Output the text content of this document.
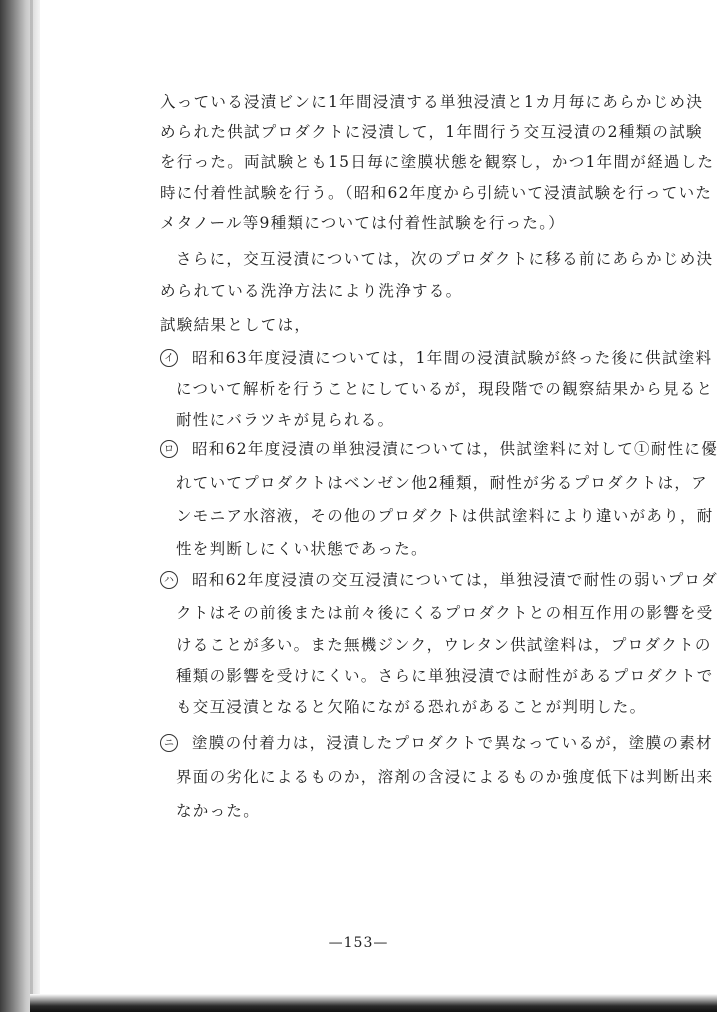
入っている浸漬ビンに1年間浸漬する単独浸漬と1カ月毎にあらかじめ決
められた供試プロダクトに浸漬して，1年間行う交互浸漬の2種類の試験
を行った。両試験とも15日毎に塗膜状態を観察し，かつ1年間が経過した
時に付着性試験を行う。（昭和62年度から引続いて浸漬試験を行っていた
メタノール等9種類については付着性試験を行った。）
さらに，交互浸漬については，次のプロダクトに移る前にあらかじめ決
められている洗浄方法により洗浄する。
試験結果としては，
イ 昭和63年度浸漬については，1年間の浸漬試験が終った後に供試塗料
について解析を行うことにしているが，現段階での観察結果から見ると
耐性にバラツキが見られる。
ロ 昭和62年度浸漬の単独浸漬については，供試塗料に対して①耐性に優
れていてプロダクトはベンゼン他2種類，耐性が劣るプロダクトは，ア
ンモニア水溶液，その他のプロダクトは供試塗料により違いがあり，耐
性を判断しにくい状態であった。
ハ 昭和62年度浸漬の交互浸漬については，単独浸漬で耐性の弱いプロダ
クトはその前後または前々後にくるプロダクトとの相互作用の影響を受
けることが多い。また無機ジンク，ウレタン供試塗料は，プロダクトの
種類の影響を受けにくい。さらに単独浸漬では耐性があるプロダクトで
も交互浸漬となると欠陥にながる恐れがあることが判明した。
ニ 塗膜の付着力は，浸漬したプロダクトで異なっているが，塗膜の素材
界面の劣化によるものか，溶剤の含浸によるものか強度低下は判断出来
なかった。
—153—
